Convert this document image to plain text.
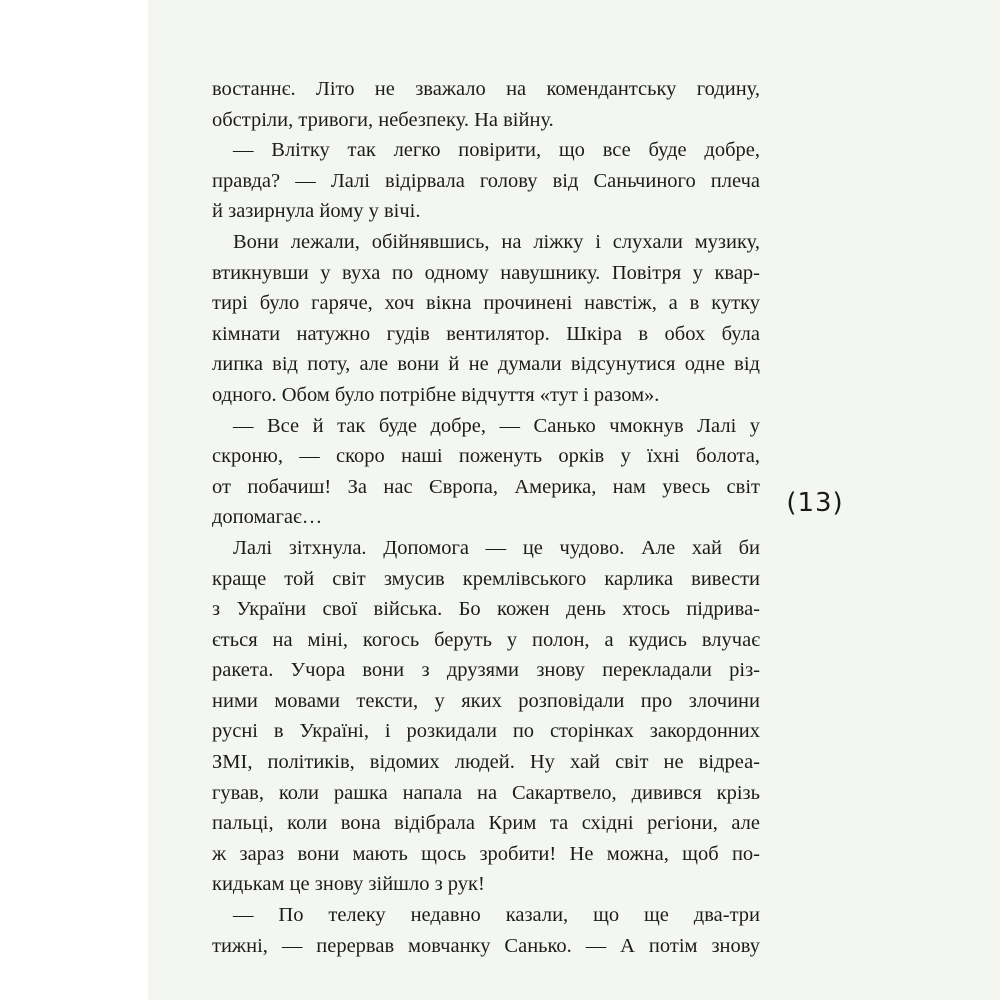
востаннє. Літо не зважало на комендантську годину,
обстріли, тривоги, небезпеку. На війну.
— Влітку так легко повірити, що все буде добре,
правда? — Лалі відірвала голову від Саньчиного плеча
й зазирнула йому у вічі.
Вони лежали, обійнявшись, на ліжку і слухали музику,
втикнувши у вуха по одному навушнику. Повітря у квар-
тирі було гаряче, хоч вікна прочинені навстіж, а в кутку
кімнати натужно гудів вентилятор. Шкіра в обох була
липка від поту, але вони й не думали відсунутися одне від
одного. Обом було потрібне відчуття «тут і разом».
— Все й так буде добре, — Санько чмокнув Лалі у
скроню, — скоро наші поженуть орків у їхні болота,
от побачиш! За нас Європа, Америка, нам увесь світ
допомагає…
Лалі зітхнула. Допомога — це чудово. Але хай би
краще той світ змусив кремлівського карлика вивести
з України свої війська. Бо кожен день хтось підрива-
ється на міні, когось беруть у полон, а кудись влучає
ракета. Учора вони з друзями знову перекладали різ-
ними мовами тексти, у яких розповідали про злочини
русні в Україні, і розкидали по сторінках закордонних
ЗМІ, політиків, відомих людей. Ну хай світ не відреа-
гував, коли рашка напала на Сакартвело, дивився крізь
пальці, коли вона відібрала Крим та східні регіони, але
ж зараз вони мають щось зробити! Не можна, щоб по-
кидькам це знову зійшло з рук!
— По телеку недавно казали, що ще два-три
тижні, — перервав мовчанку Санько. — А потім знову
(13)
